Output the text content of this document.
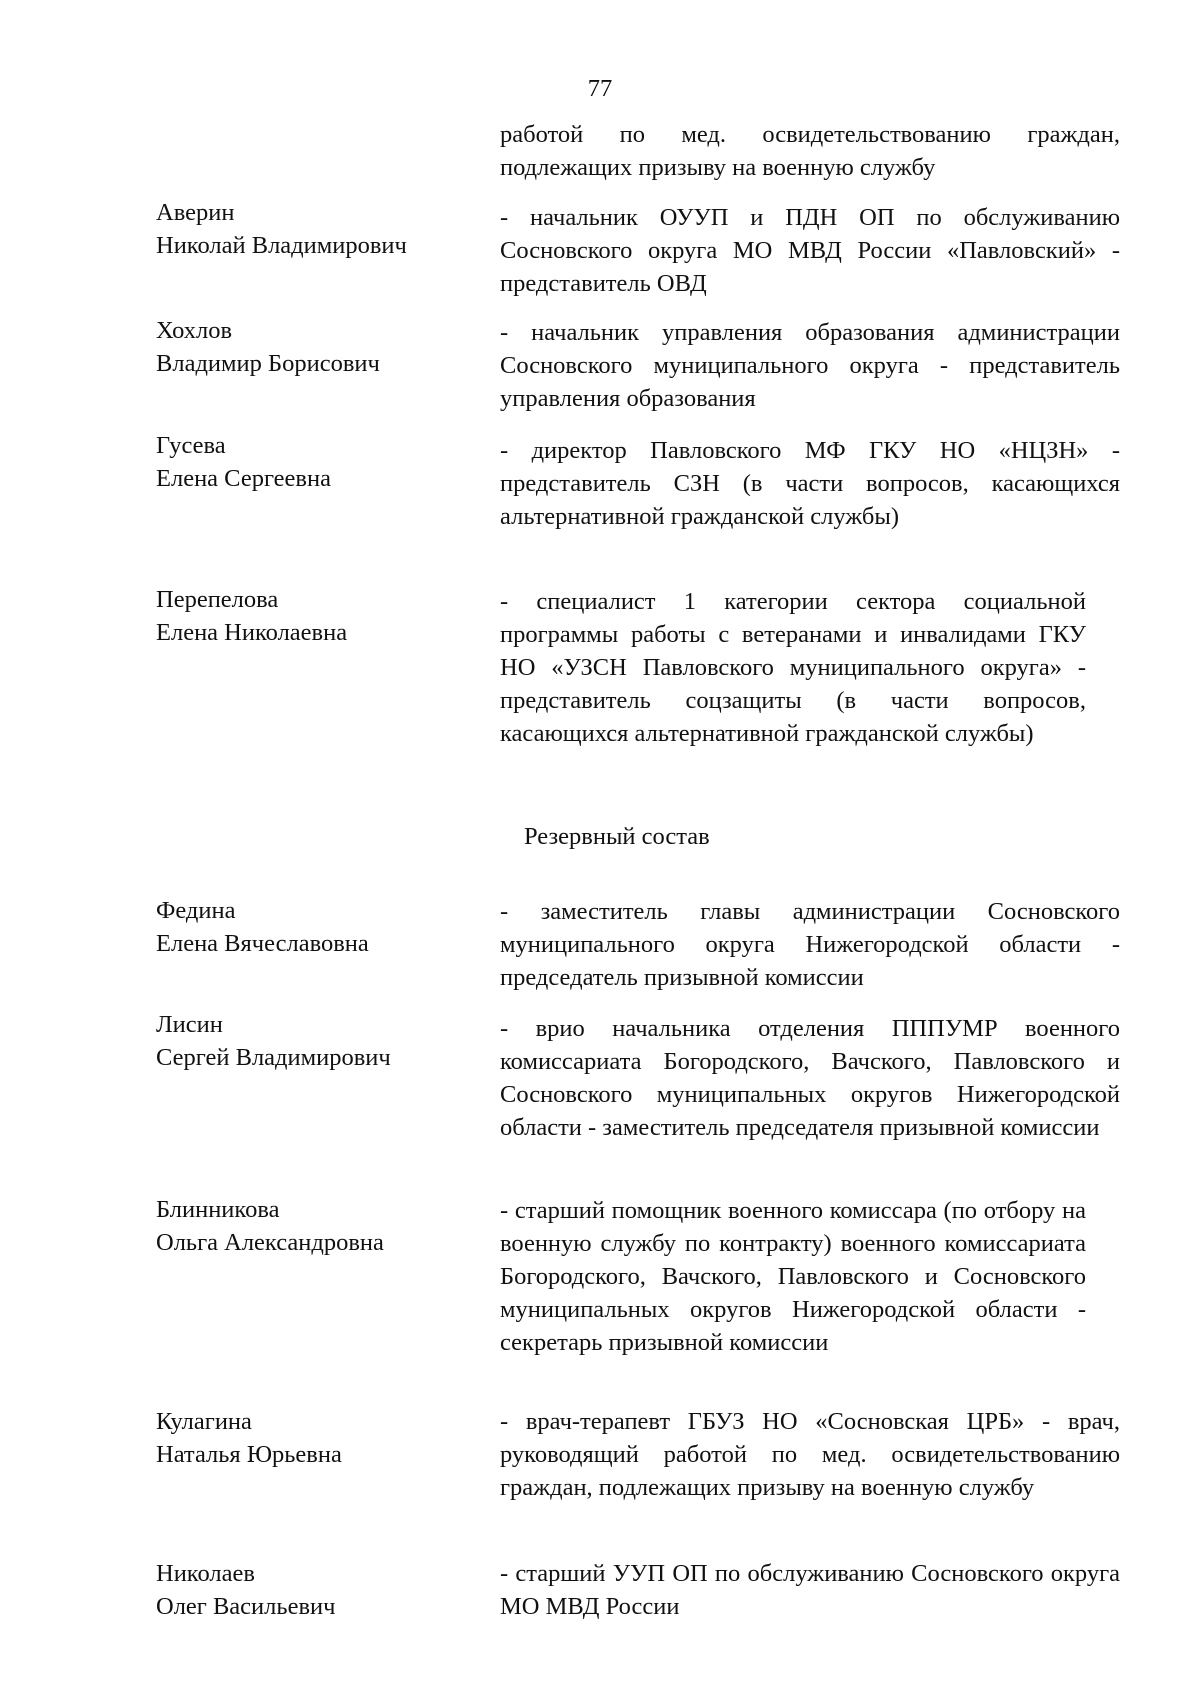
77
работой по мед. освидетельствованию граждан, подлежащих призыву на военную службу
Аверин
Николай Владимирович
- начальник ОУУП и ПДН ОП по обслуживанию Сосновского округа МО МВД России «Павловский» - представитель ОВД
Хохлов
Владимир Борисович
- начальник управления образования администрации Сосновского муниципального округа - представитель управления образования
Гусева
Елена Сергеевна
- директор Павловского МФ ГКУ НО «НЦЗН» - представитель СЗН (в части вопросов, касающихся альтернативной гражданской службы)
Перепелова
Елена Николаевна
- специалист 1 категории сектора социальной программы работы с ветеранами и инвалидами ГКУ НО «УЗСН Павловского муниципального округа» - представитель соцзащиты (в части вопросов, касающихся альтернативной гражданской службы)
Резервный состав
Федина
Елена Вячеславовна
- заместитель главы администрации Сосновского муниципального округа Нижегородской области - председатель призывной комиссии
Лисин
Сергей Владимирович
- врио начальника отделения ПППУМР военного комиссариата Богородского, Вачского, Павловского и Сосновского муниципальных округов Нижегородской области - заместитель председателя призывной комиссии
Блинникова
Ольга Александровна
- старший помощник военного комиссара (по отбору на военную службу по контракту) военного комиссариата Богородского, Вачского, Павловского и Сосновского муниципальных округов Нижегородской области - секретарь призывной комиссии
Кулагина
Наталья Юрьевна
- врач-терапевт ГБУЗ НО «Сосновская ЦРБ» - врач, руководящий работой по мед. освидетельствованию граждан, подлежащих призыву на военную службу
Николаев
Олег Васильевич
- старший УУП ОП по обслуживанию Сосновского округа МО МВД России
